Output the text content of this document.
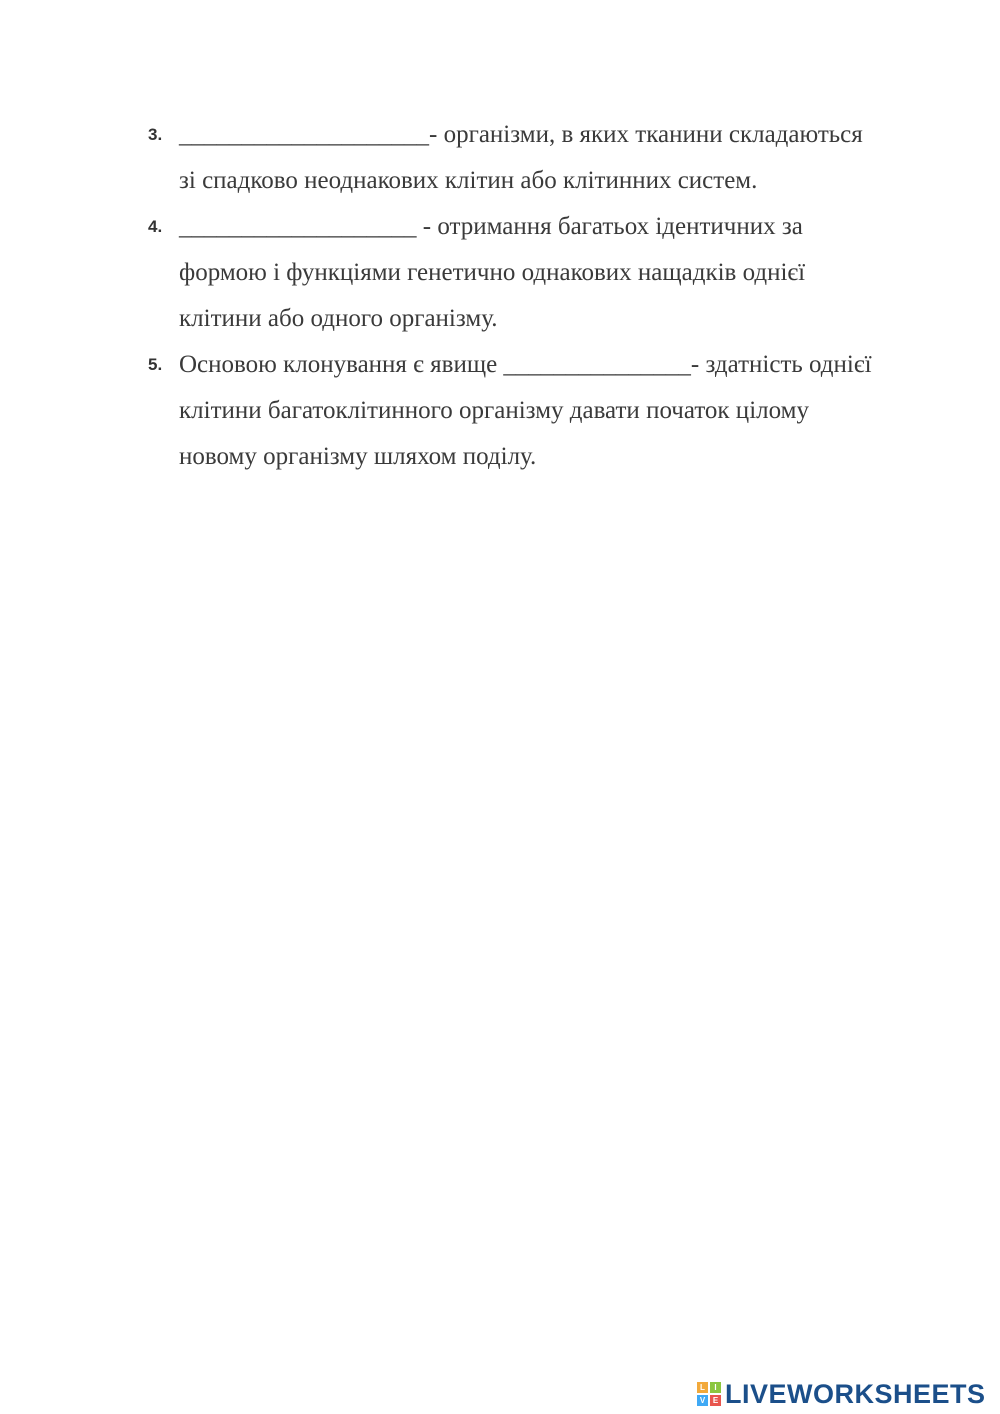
3. ____________________- організми, в яких тканини складаються
зі спадково неоднакових клітин або клітинних систем.
4. ___________________ - отримання багатьох ідентичних за
формою і функціями генетично однакових нащадків однієї
клітини або одного організму.
5. Основою клонування є явище _______________- здатність однієї
клітини багатоклітинного організму давати початок цілому
новому організму шляхом поділу.
L	I
V E LIVEWORKSHEETS
